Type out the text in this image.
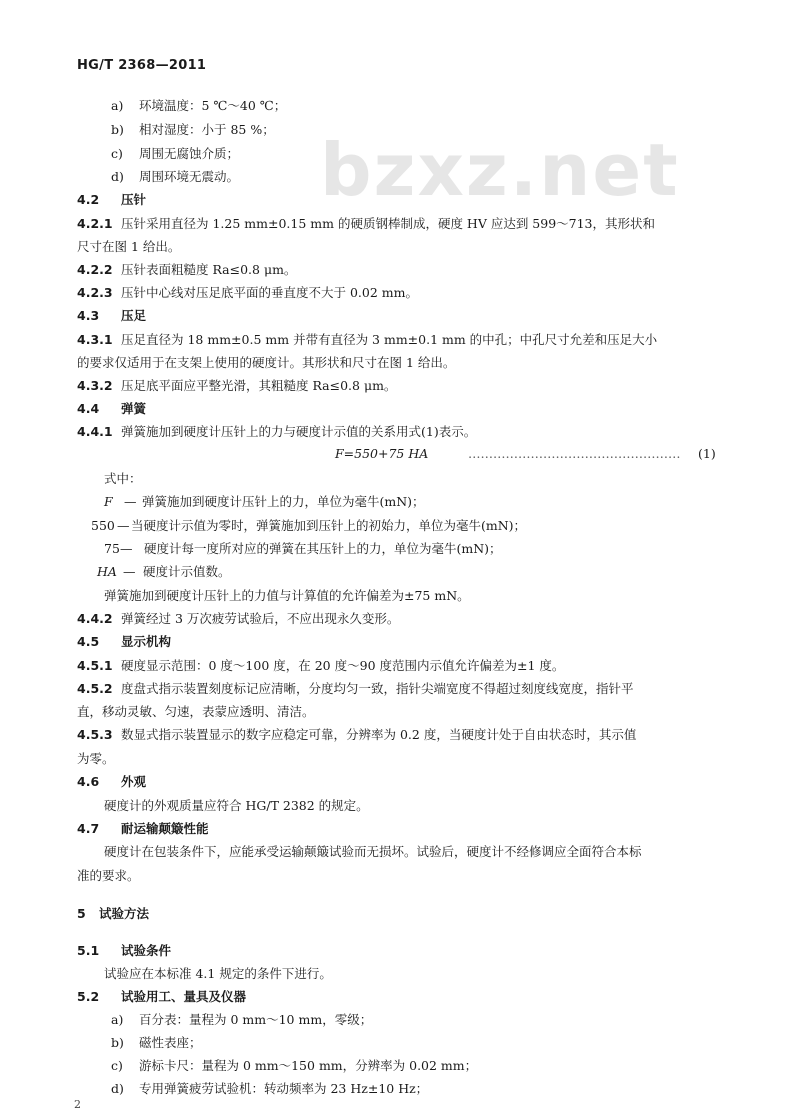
bzxz.net
HG/T 2368—2011
a) 环境温度：5 ℃～40 ℃；
b) 相对湿度：小于 85 %；
c) 周围无腐蚀介质；
d) 周围环境无震动。
4.2 压针
4.2.1 压针采用直径为 1.25 mm±0.15 mm 的硬质钢棒制成，硬度 HV 应达到 599～713，其形状和
尺寸在图 1 给出。
4.2.2 压针表面粗糙度 Ra≤0.8 μm。
4.2.3 压针中心线对压足底平面的垂直度不大于 0.02 mm。
4.3 压足
4.3.1 压足直径为 18 mm±0.5 mm 并带有直径为 3 mm±0.1 mm 的中孔；中孔尺寸允差和压足大小
的要求仅适用于在支架上使用的硬度计。其形状和尺寸在图 1 给出。
4.3.2 压足底平面应平整光滑，其粗糙度 Ra≤0.8 μm。
4.4 弹簧
4.4.1 弹簧施加到硬度计压针上的力与硬度计示值的关系用式(1)表示。
F=550+75 HA	…………………………………………… (1)
式中：
F — 弹簧施加到硬度计压针上的力，单位为毫牛(mN)；
550 — 当硬度计示值为零时，弹簧施加到压针上的初始力，单位为毫牛(mN)；
75— 硬度计每一度所对应的弹簧在其压针上的力，单位为毫牛(mN)；
HA — 硬度计示值数。
弹簧施加到硬度计压针上的力值与计算值的允许偏差为±75 mN。
4.4.2 弹簧经过 3 万次疲劳试验后，不应出现永久变形。
4.5 显示机构
4.5.1 硬度显示范围：0 度～100 度，在 20 度～90 度范围内示值允许偏差为±1 度。
4.5.2 度盘式指示装置刻度标记应清晰，分度均匀一致，指针尖端宽度不得超过刻度线宽度，指针平
直，移动灵敏、匀速，表蒙应透明、清洁。
4.5.3 数显式指示装置显示的数字应稳定可靠，分辨率为 0.2 度，当硬度计处于自由状态时，其示值
为零。
4.6 外观
硬度计的外观质量应符合 HG/T 2382 的规定。
4.7 耐运输颠簸性能
硬度计在包装条件下，应能承受运输颠簸试验而无损坏。试验后，硬度计不经修调应全面符合本标
准的要求。
5 试验方法
5.1 试验条件
试验应在本标准 4.1 规定的条件下进行。
5.2 试验用工、量具及仪器
a) 百分表：量程为 0 mm～10 mm，零级；
b) 磁性表座；
c) 游标卡尺：量程为 0 mm～150 mm，分辨率为 0.02 mm；
d) 专用弹簧疲劳试验机：转动频率为 23 Hz±10 Hz；
2
